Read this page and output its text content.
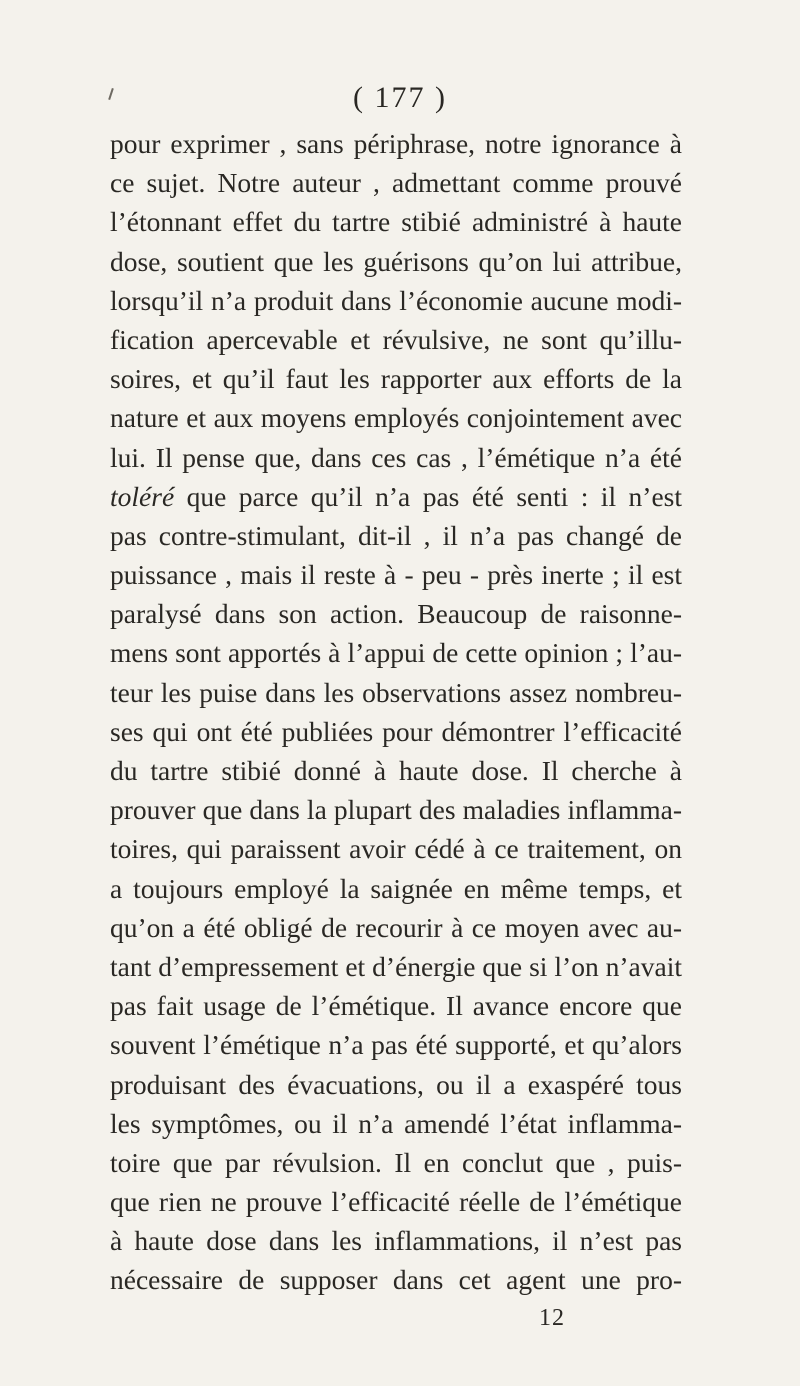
( 177 )
pour exprimer , sans périphrase, notre ignorance à
ce sujet. Notre auteur , admettant comme prouvé
l’étonnant effet du tartre stibié administré à haute
dose, soutient que les guérisons qu’on lui attribue,
lorsqu’il n’a produit dans l’économie aucune modi-
fication apercevable et révulsive, ne sont qu’illu-
soires, et qu’il faut les rapporter aux efforts de la
nature et aux moyens employés conjointement avec
lui. Il pense que, dans ces cas , l’émétique n’a été
toléré que parce qu’il n’a pas été senti : il n’est
pas contre-stimulant, dit-il , il n’a pas changé de
puissance , mais il reste à - peu - près inerte ; il est
paralysé dans son action. Beaucoup de raisonne-
mens sont apportés à l’appui de cette opinion ; l’au-
teur les puise dans les observations assez nombreu-
ses qui ont été publiées pour démontrer l’efficacité
du tartre stibié donné à haute dose. Il cherche à
prouver que dans la plupart des maladies inflamma-
toires, qui paraissent avoir cédé à ce traitement, on
a toujours employé la saignée en même temps, et
qu’on a été obligé de recourir à ce moyen avec au-
tant d’empressement et d’énergie que si l’on n’avait
pas fait usage de l’émétique. Il avance encore que
souvent l’émétique n’a pas été supporté, et qu’alors
produisant des évacuations, ou il a exaspéré tous
les symptômes, ou il n’a amendé l’état inflamma-
toire que par révulsion. Il en conclut que , puis-
que rien ne prouve l’efficacité réelle de l’émétique
à haute dose dans les inflammations, il n’est pas
nécessaire de supposer dans cet agent une pro-
12
